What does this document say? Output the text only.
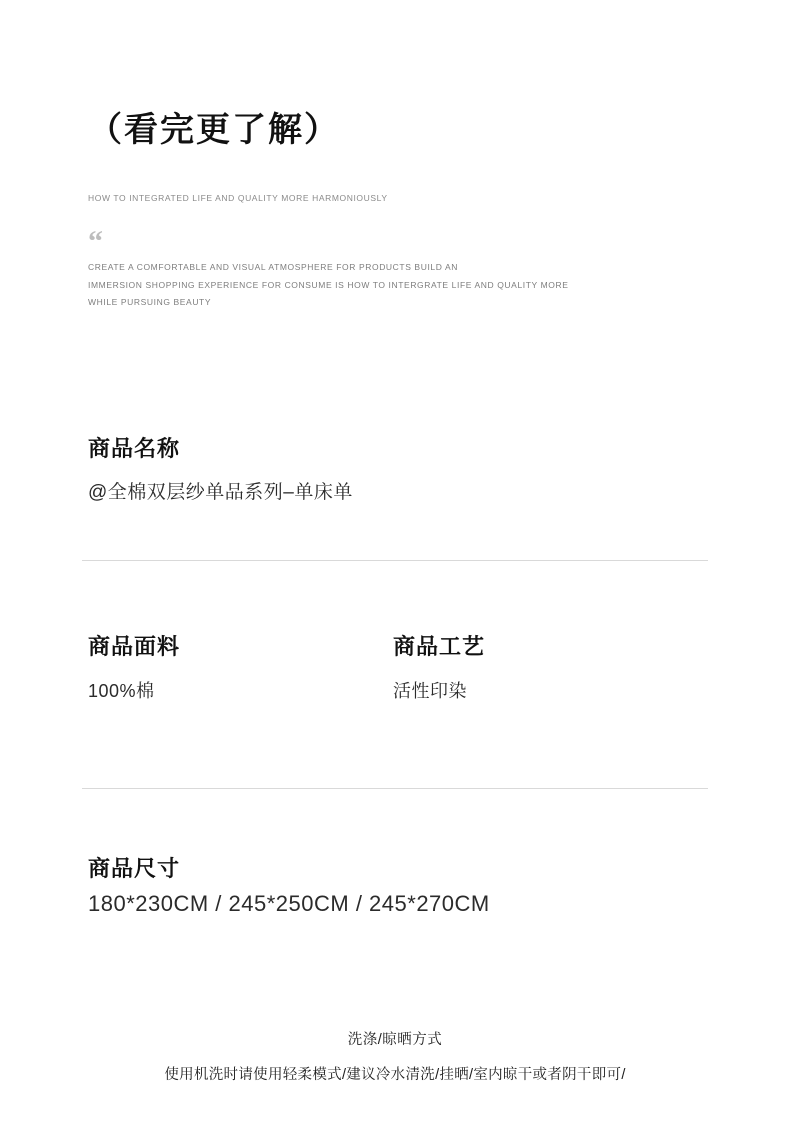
（看完更了解）
HOW TO INTEGRATED LIFE AND QUALITY MORE HARMONIOUSLY
“
CREATE A COMFORTABLE AND VISUAL ATMOSPHERE FOR PRODUCTS BUILD AN
IMMERSION SHOPPING EXPERIENCE FOR CONSUME IS HOW TO INTERGRATE LIFE AND QUALITY MORE
WHILE PURSUING BEAUTY
商品名称

@全棉双层纱单品系列–单床单

商品面料

100%棉

商品工艺

活性印染

商品尺寸

180*230CM / 245*250CM / 245*270CM

洗涤/晾晒方式

使用机洗时请使用轻柔模式/建议冷水清洗/挂晒/室内晾干或者阴干即可/
